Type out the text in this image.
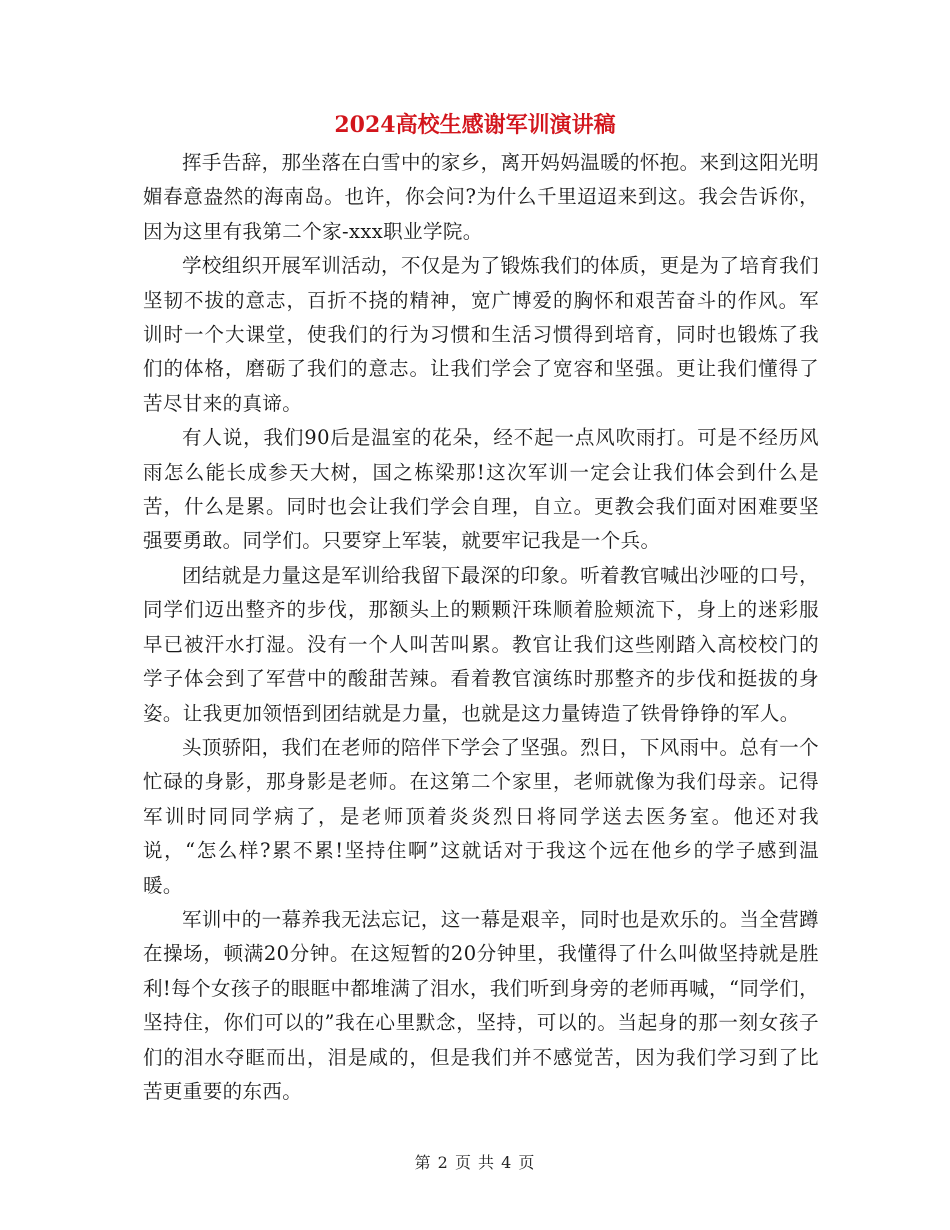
2024高校生感谢军训演讲稿

挥手告辞，那坐落在白雪中的家乡，离开妈妈温暖的怀抱。来到这阳光明媚春意盎然的海南岛。也许，你会问?为什么千里迢迢来到这。我会告诉你，因为这里有我第二个家-xxx职业学院。

学校组织开展军训活动，不仅是为了锻炼我们的体质，更是为了培育我们坚韧不拔的意志，百折不挠的精神，宽广博爱的胸怀和艰苦奋斗的作风。军训时一个大课堂，使我们的行为习惯和生活习惯得到培育，同时也锻炼了我们的体格，磨砺了我们的意志。让我们学会了宽容和坚强。更让我们懂得了苦尽甘来的真谛。

有人说，我们90后是温室的花朵，经不起一点风吹雨打。可是不经历风雨怎么能长成参天大树，国之栋梁那!这次军训一定会让我们体会到什么是苦，什么是累。同时也会让我们学会自理，自立。更教会我们面对困难要坚强要勇敢。同学们。只要穿上军装，就要牢记我是一个兵。

团结就是力量这是军训给我留下最深的印象。听着教官喊出沙哑的口号，同学们迈出整齐的步伐，那额头上的颗颗汗珠顺着脸颊流下，身上的迷彩服早已被汗水打湿。没有一个人叫苦叫累。教官让我们这些刚踏入高校校门的学子体会到了军营中的酸甜苦辣。看着教官演练时那整齐的步伐和挺拔的身姿。让我更加领悟到团结就是力量，也就是这力量铸造了铁骨铮铮的军人。

头顶骄阳，我们在老师的陪伴下学会了坚强。烈日，下风雨中。总有一个忙碌的身影，那身影是老师。在这第二个家里，老师就像为我们母亲。记得军训时同同学病了，是老师顶着炎炎烈日将同学送去医务室。他还对我说，“怎么样?累不累!坚持住啊”这就话对于我这个远在他乡的学子感到温暖。

军训中的一幕养我无法忘记，这一幕是艰辛，同时也是欢乐的。当全营蹲在操场，顿满20分钟。在这短暂的20分钟里，我懂得了什么叫做坚持就是胜利!每个女孩子的眼眶中都堆满了泪水，我们听到身旁的老师再喊，“同学们，坚持住，你们可以的”我在心里默念，坚持，可以的。当起身的那一刻女孩子们的泪水夺眶而出，泪是咸的，但是我们并不感觉苦，因为我们学习到了比苦更重要的东西。

第 2 页 共 4 页
